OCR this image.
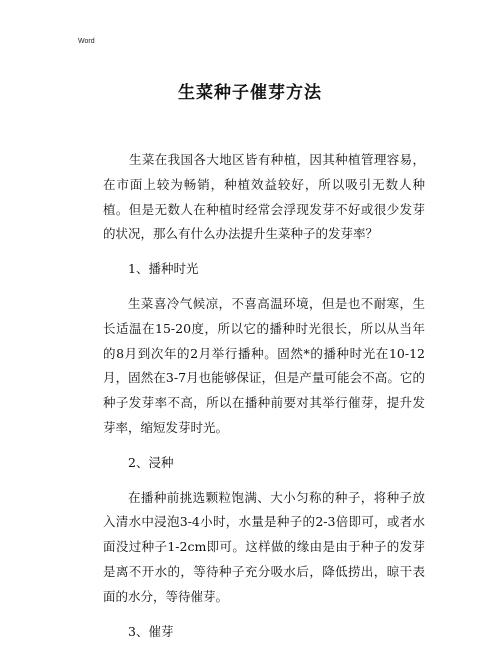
Word
生菜种子催芽方法

生菜在我国各大地区皆有种植，因其种植管理容易，在市面上较为畅销，种植效益较好，所以吸引无数人种植。但是无数人在种植时经常会浮现发芽不好或很少发芽的状况，那么有什么办法提升生菜种子的发芽率？

1、播种时光

生菜喜冷气候凉，不喜高温环境，但是也不耐寒，生长适温在15-20度，所以它的播种时光很长，所以从当年的8月到次年的2月举行播种。固然*的播种时光在10-12月，固然在3-7月也能够保证，但是产量可能会不高。它的种子发芽率不高，所以在播种前要对其举行催芽，提升发芽率，缩短发芽时光。

2、浸种

在播种前挑选颗粒饱满、大小匀称的种子，将种子放入清水中浸泡3-4小时，水量是种子的2-3倍即可，或者水面没过种子1-2cm即可。这样做的缘由是由于种子的发芽是离不开水的，等待种子充分吸水后，降低捞出，晾干表面的水分，等待催芽。

3、催芽
